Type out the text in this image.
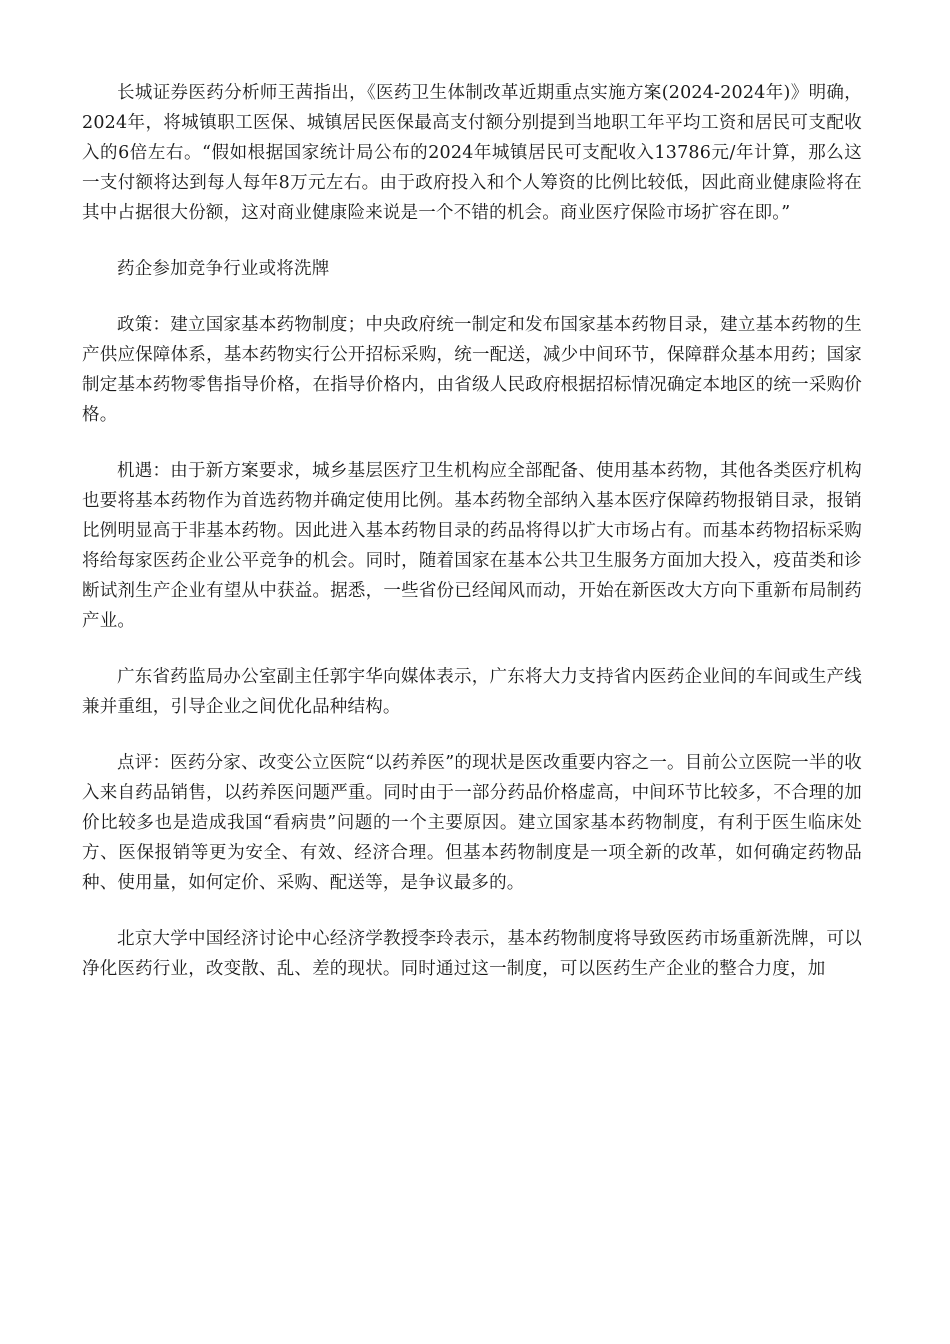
长城证券医药分析师王茜指出，《医药卫生体制改革近期重点实施方案(2024-2024年)》明确，2024年，将城镇职工医保、城镇居民医保最高支付额分别提到当地职工年平均工资和居民可支配收入的6倍左右。“假如根据国家统计局公布的2024年城镇居民可支配收入13786元/年计算，那么这一支付额将达到每人每年8万元左右。由于政府投入和个人筹资的比例比较低，因此商业健康险将在其中占据很大份额，这对商业健康险来说是一个不错的机会。商业医疗保险市场扩容在即。”

药企参加竞争行业或将洗牌

政策：建立国家基本药物制度；中央政府统一制定和发布国家基本药物目录，建立基本药物的生产供应保障体系，基本药物实行公开招标采购，统一配送，减少中间环节，保障群众基本用药；国家制定基本药物零售指导价格，在指导价格内，由省级人民政府根据招标情况确定本地区的统一采购价格。

机遇：由于新方案要求，城乡基层医疗卫生机构应全部配备、使用基本药物，其他各类医疗机构也要将基本药物作为首选药物并确定使用比例。基本药物全部纳入基本医疗保障药物报销目录，报销比例明显高于非基本药物。因此进入基本药物目录的药品将得以扩大市场占有。而基本药物招标采购将给每家医药企业公平竞争的机会。同时，随着国家在基本公共卫生服务方面加大投入，疫苗类和诊断试剂生产企业有望从中获益。据悉，一些省份已经闻风而动，开始在新医改大方向下重新布局制药产业。

广东省药监局办公室副主任郭宇华向媒体表示，广东将大力支持省内医药企业间的车间或生产线兼并重组，引导企业之间优化品种结构。

点评：医药分家、改变公立医院“以药养医”的现状是医改重要内容之一。目前公立医院一半的收入来自药品销售，以药养医问题严重。同时由于一部分药品价格虚高，中间环节比较多，不合理的加价比较多也是造成我国“看病贵”问题的一个主要原因。建立国家基本药物制度，有利于医生临床处方、医保报销等更为安全、有效、经济合理。但基本药物制度是一项全新的改革，如何确定药物品种、使用量，如何定价、采购、配送等，是争议最多的。

北京大学中国经济讨论中心经济学教授李玲表示，基本药物制度将导致医药市场重新洗牌，可以净化医药行业，改变散、乱、差的现状。同时通过这一制度，可以医药生产企业的整合力度，加
